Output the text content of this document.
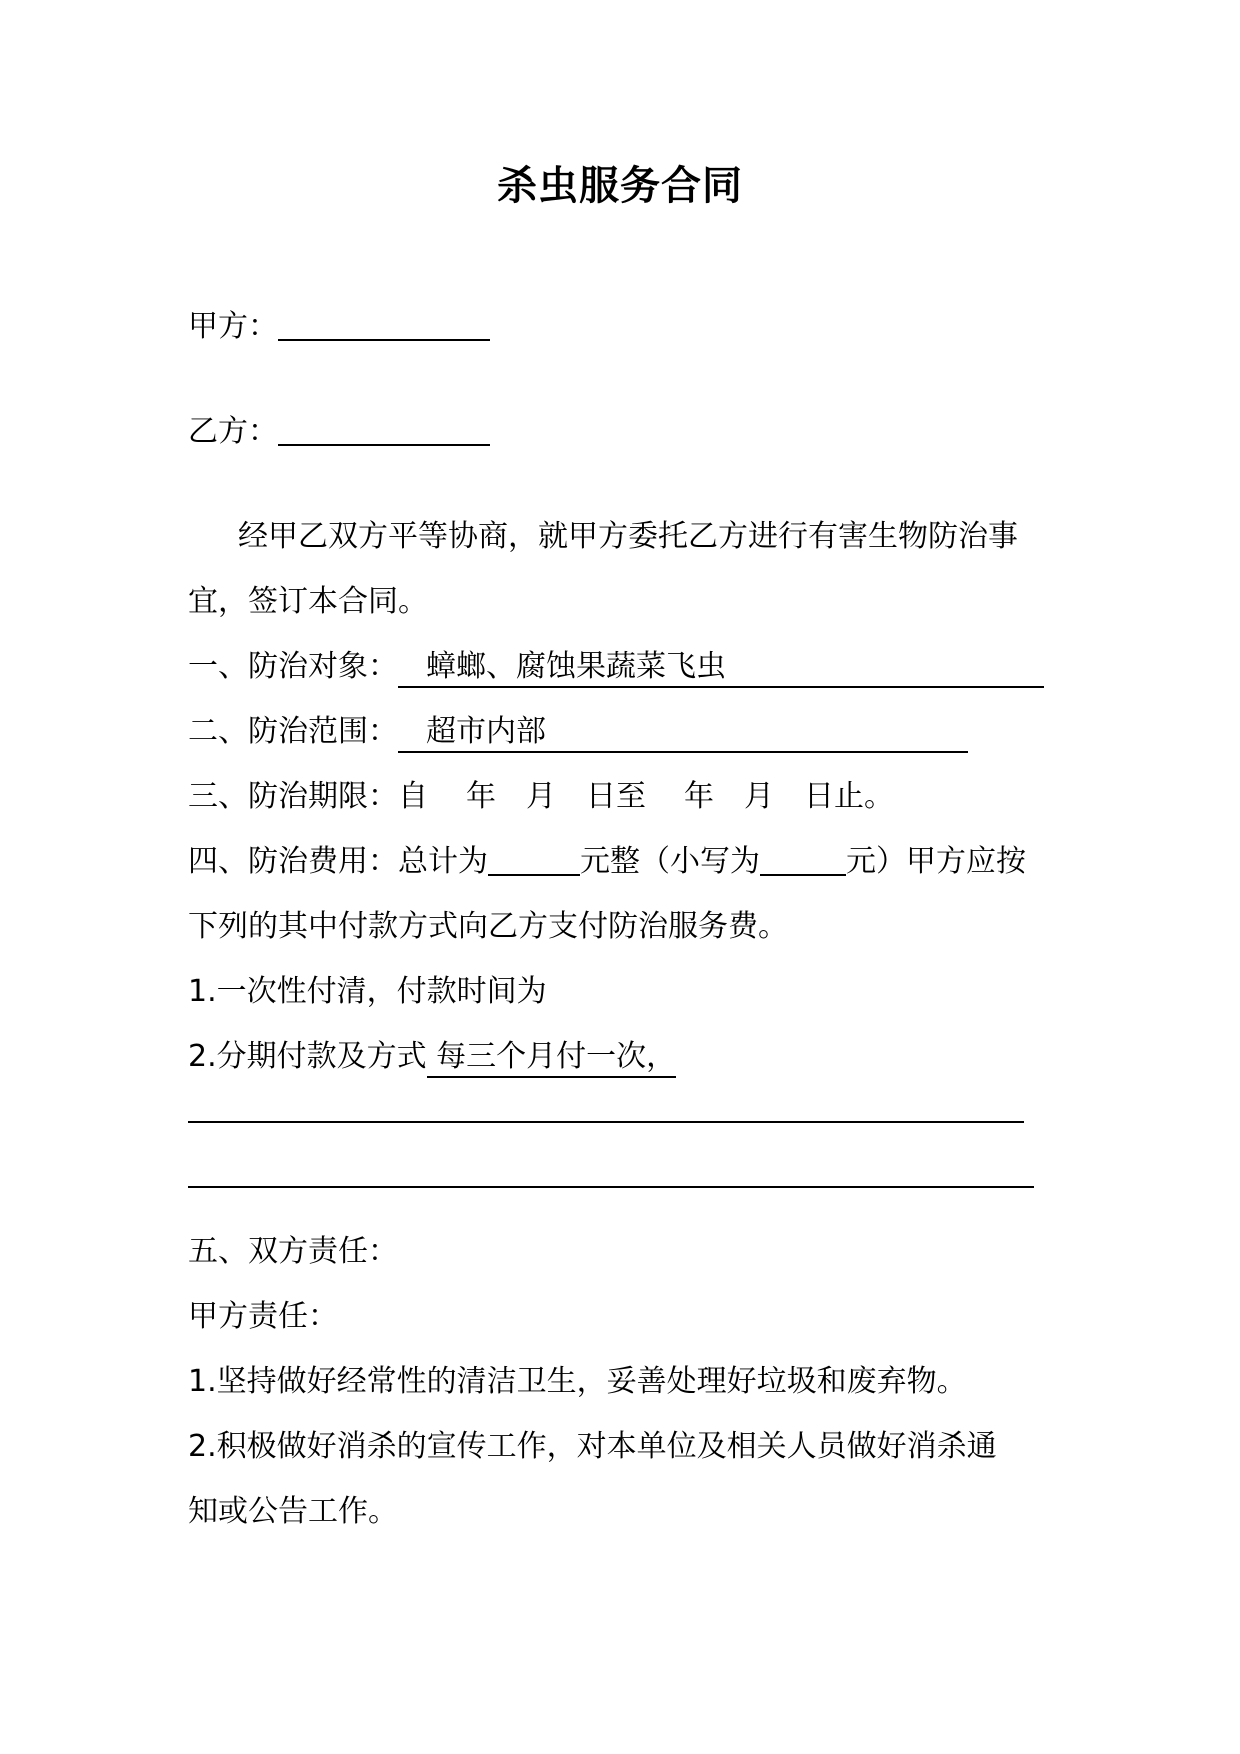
杀虫服务合同
甲方：
乙方：
经甲乙双方平等协商，就甲方委托乙方进行有害生物防治事
宜，签订本合同。
一、防治对象： 蟑螂、腐蚀果蔬菜飞虫
二、防治范围： 超市内部
三、防治期限：自 年 月 日至 年 月 日止。
四、防治费用：总计为	元整（小写为	元）甲方应按
下列的其中付款方式向乙方支付防治服务费。
1.一次性付清，付款时间为
2.分期付款及方式 每三个月付一次，
五、双方责任：
甲方责任：
1.坚持做好经常性的清洁卫生，妥善处理好垃圾和废弃物。
2.积极做好消杀的宣传工作，对本单位及相关人员做好消杀通
知或公告工作。
